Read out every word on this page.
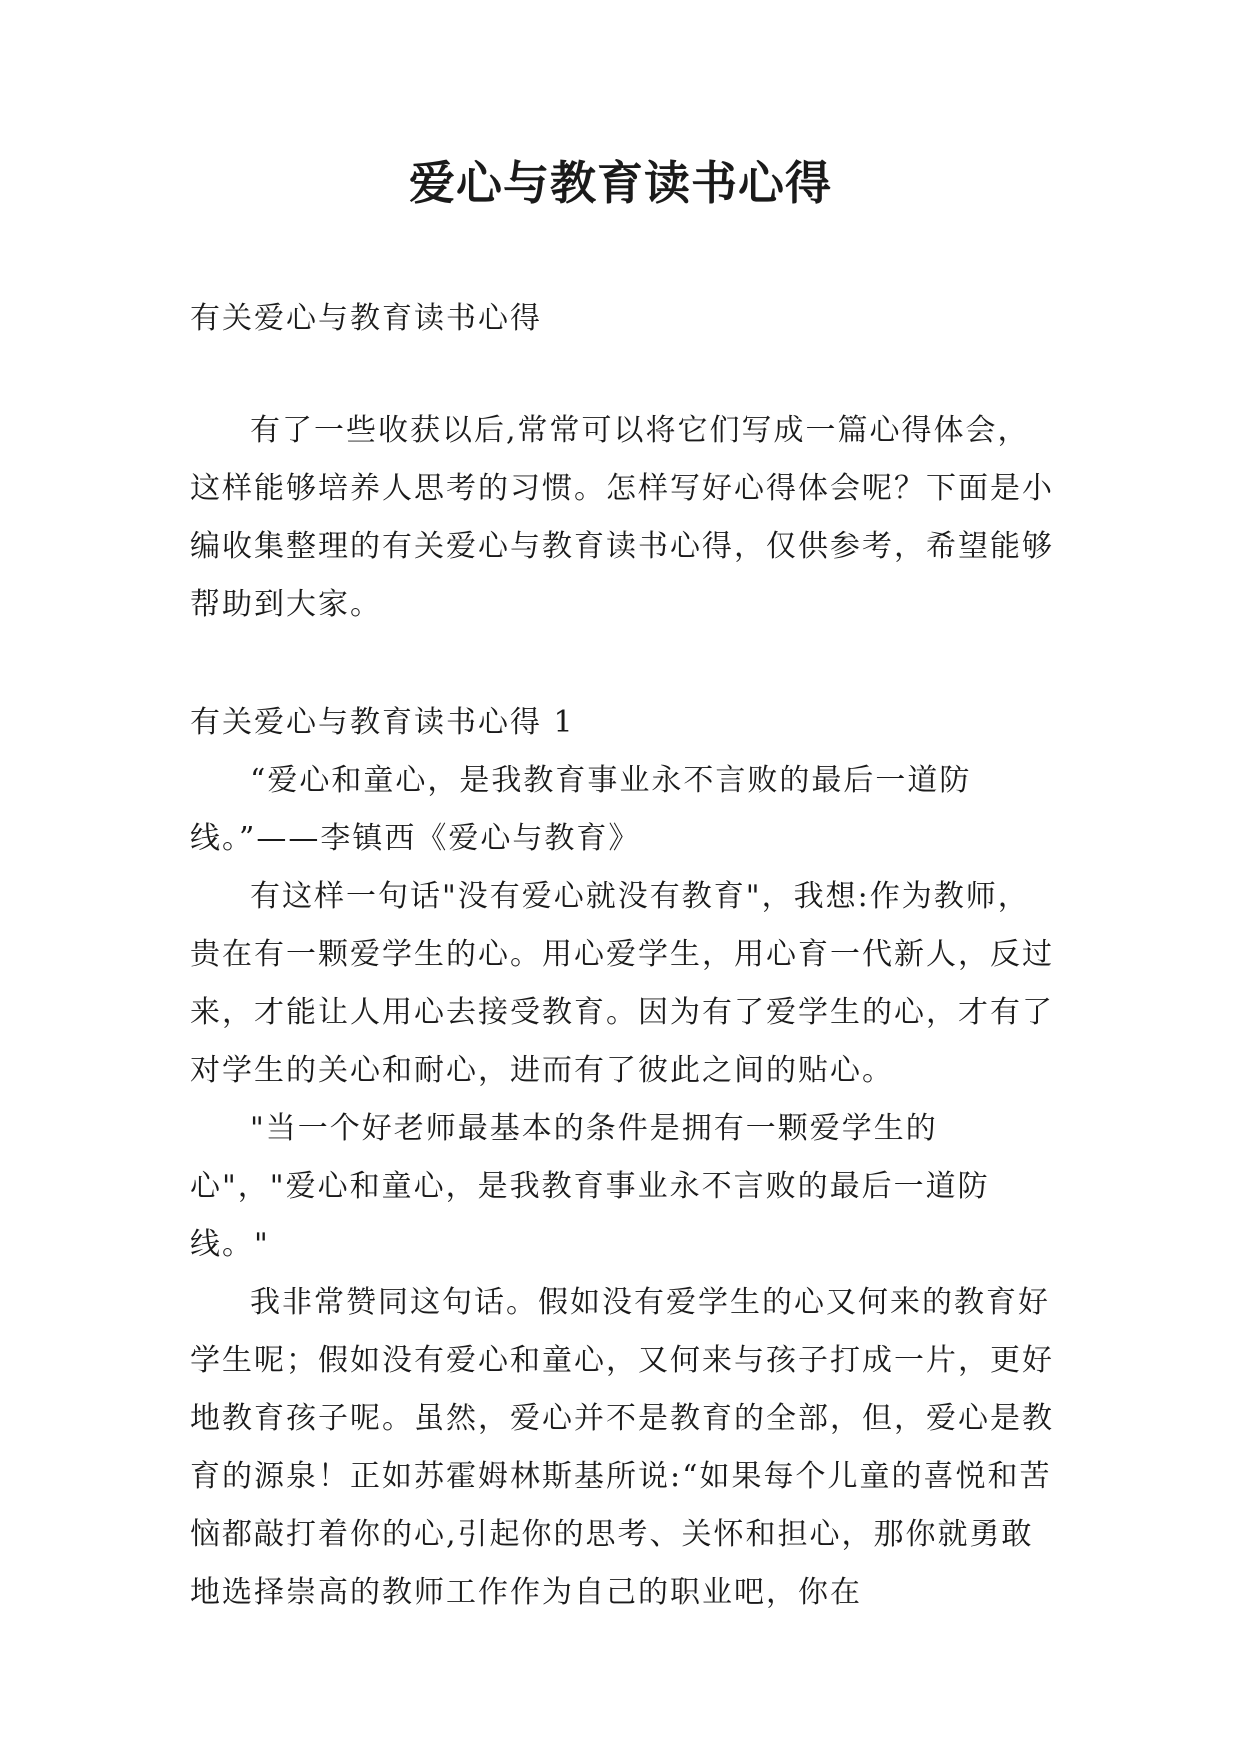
爱心与教育读书心得
有关爱心与教育读书心得

有了一些收获以后,常常可以将它们写成一篇心得体会，这样能够培养人思考的习惯。怎样写好心得体会呢？下面是小编收集整理的有关爱心与教育读书心得，仅供参考，希望能够帮助到大家。

有关爱心与教育读书心得 1

“爱心和童心，是我教育事业永不言败的最后一道防线。”——李镇西《爱心与教育》

有这样一句话"没有爱心就没有教育"，我想:作为教师，贵在有一颗爱学生的心。用心爱学生，用心育一代新人，反过来，才能让人用心去接受教育。因为有了爱学生的心，才有了对学生的关心和耐心，进而有了彼此之间的贴心。

"当一个好老师最基本的条件是拥有一颗爱学生的心"，"爱心和童心，是我教育事业永不言败的最后一道防线。"

我非常赞同这句话。假如没有爱学生的心又何来的教育好学生呢；假如没有爱心和童心，又何来与孩子打成一片，更好地教育孩子呢。虽然，爱心并不是教育的全部，但，爱心是教育的源泉！正如苏霍姆林斯基所说:“如果每个儿童的喜悦和苦恼都敲打着你的心,引起你的思考、关怀和担心，那你就勇敢地选择崇高的教师工作作为自己的职业吧，你在
